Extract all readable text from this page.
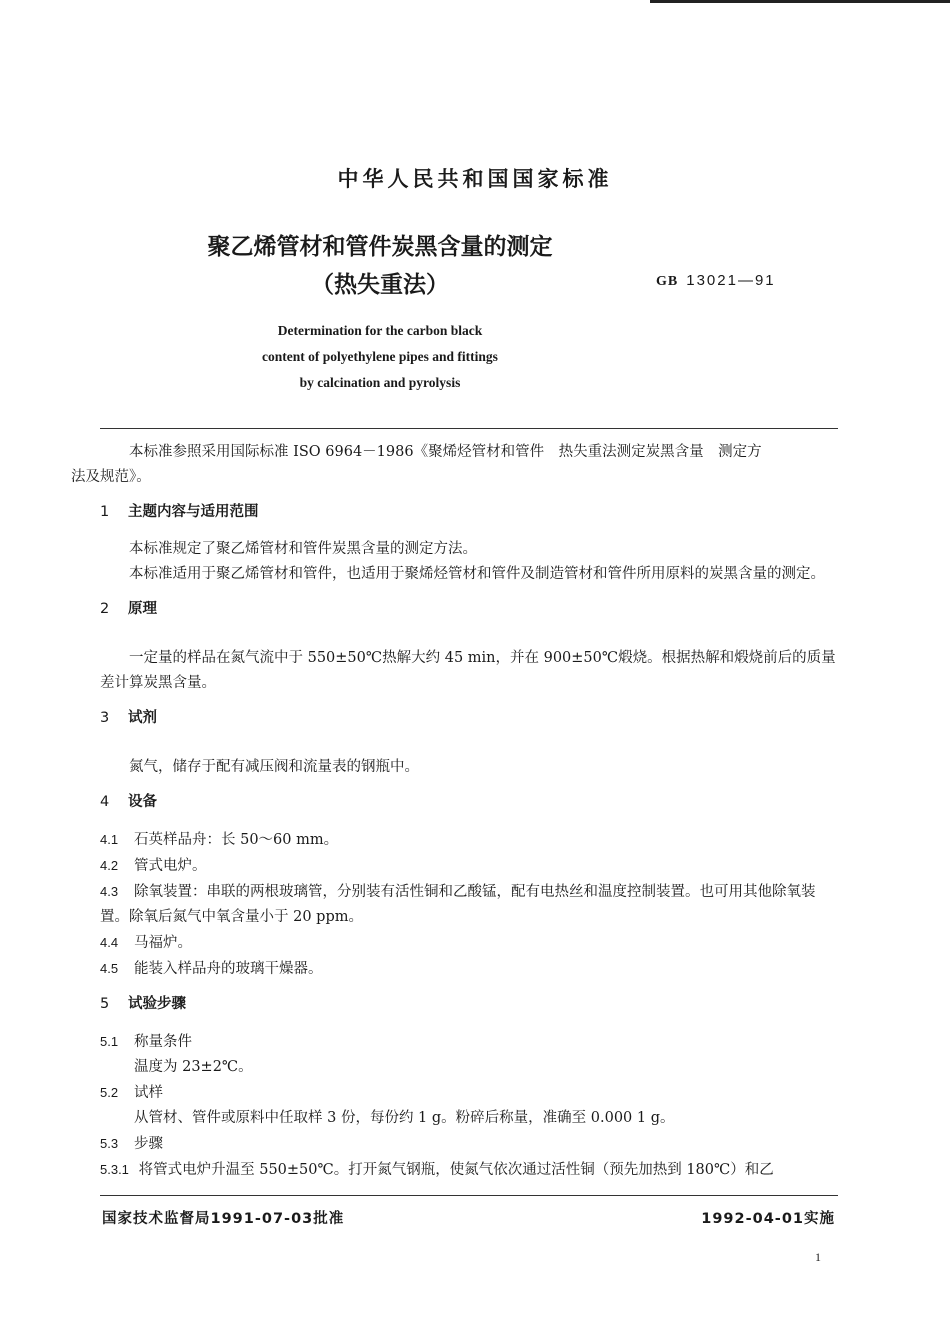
中华人民共和国国家标准
聚乙烯管材和管件炭黑含量的测定
（热失重法）	GB 13021—91
Determination for the carbon black
content of polyethylene pipes and fittings
by calcination and pyrolysis

本标准参照采用国际标准 ISO 6964－1986《聚烯烃管材和管件　热失重法测定炭黑含量　测定方
法及规范》。

1 主题内容与适用范围

本标准规定了聚乙烯管材和管件炭黑含量的测定方法。

本标准适用于聚乙烯管材和管件，也适用于聚烯烃管材和管件及制造管材和管件所用原料的炭黑含量的测定。

2 原理

一定量的样品在氮气流中于 550±50℃热解大约 45 min，并在 900±50℃煅烧。根据热解和煅烧前后的质量差计算炭黑含量。

3 试剂

氮气，储存于配有减压阀和流量表的钢瓶中。

4 设备

4.1 石英样品舟：长 50～60 mm。

4.2 管式电炉。

4.3 除氧装置：串联的两根玻璃管，分别装有活性铜和乙酸锰，配有电热丝和温度控制装置。也可用其他除氧装置。除氧后氮气中氧含量小于 20 ppm。

4.4 马福炉。

4.5 能装入样品舟的玻璃干燥器。

5 试验步骤

5.1 称量条件

温度为 23±2℃。

5.2 试样

从管材、管件或原料中任取样 3 份，每份约 1 g。粉碎后称量，准确至 0.000 1 g。

5.3 步骤

5.3.1 将管式电炉升温至 550±50℃。打开氮气钢瓶，使氮气依次通过活性铜（预先加热到 180℃）和乙

国家技术监督局1991-07-03批准	1992-04-01实施
1
